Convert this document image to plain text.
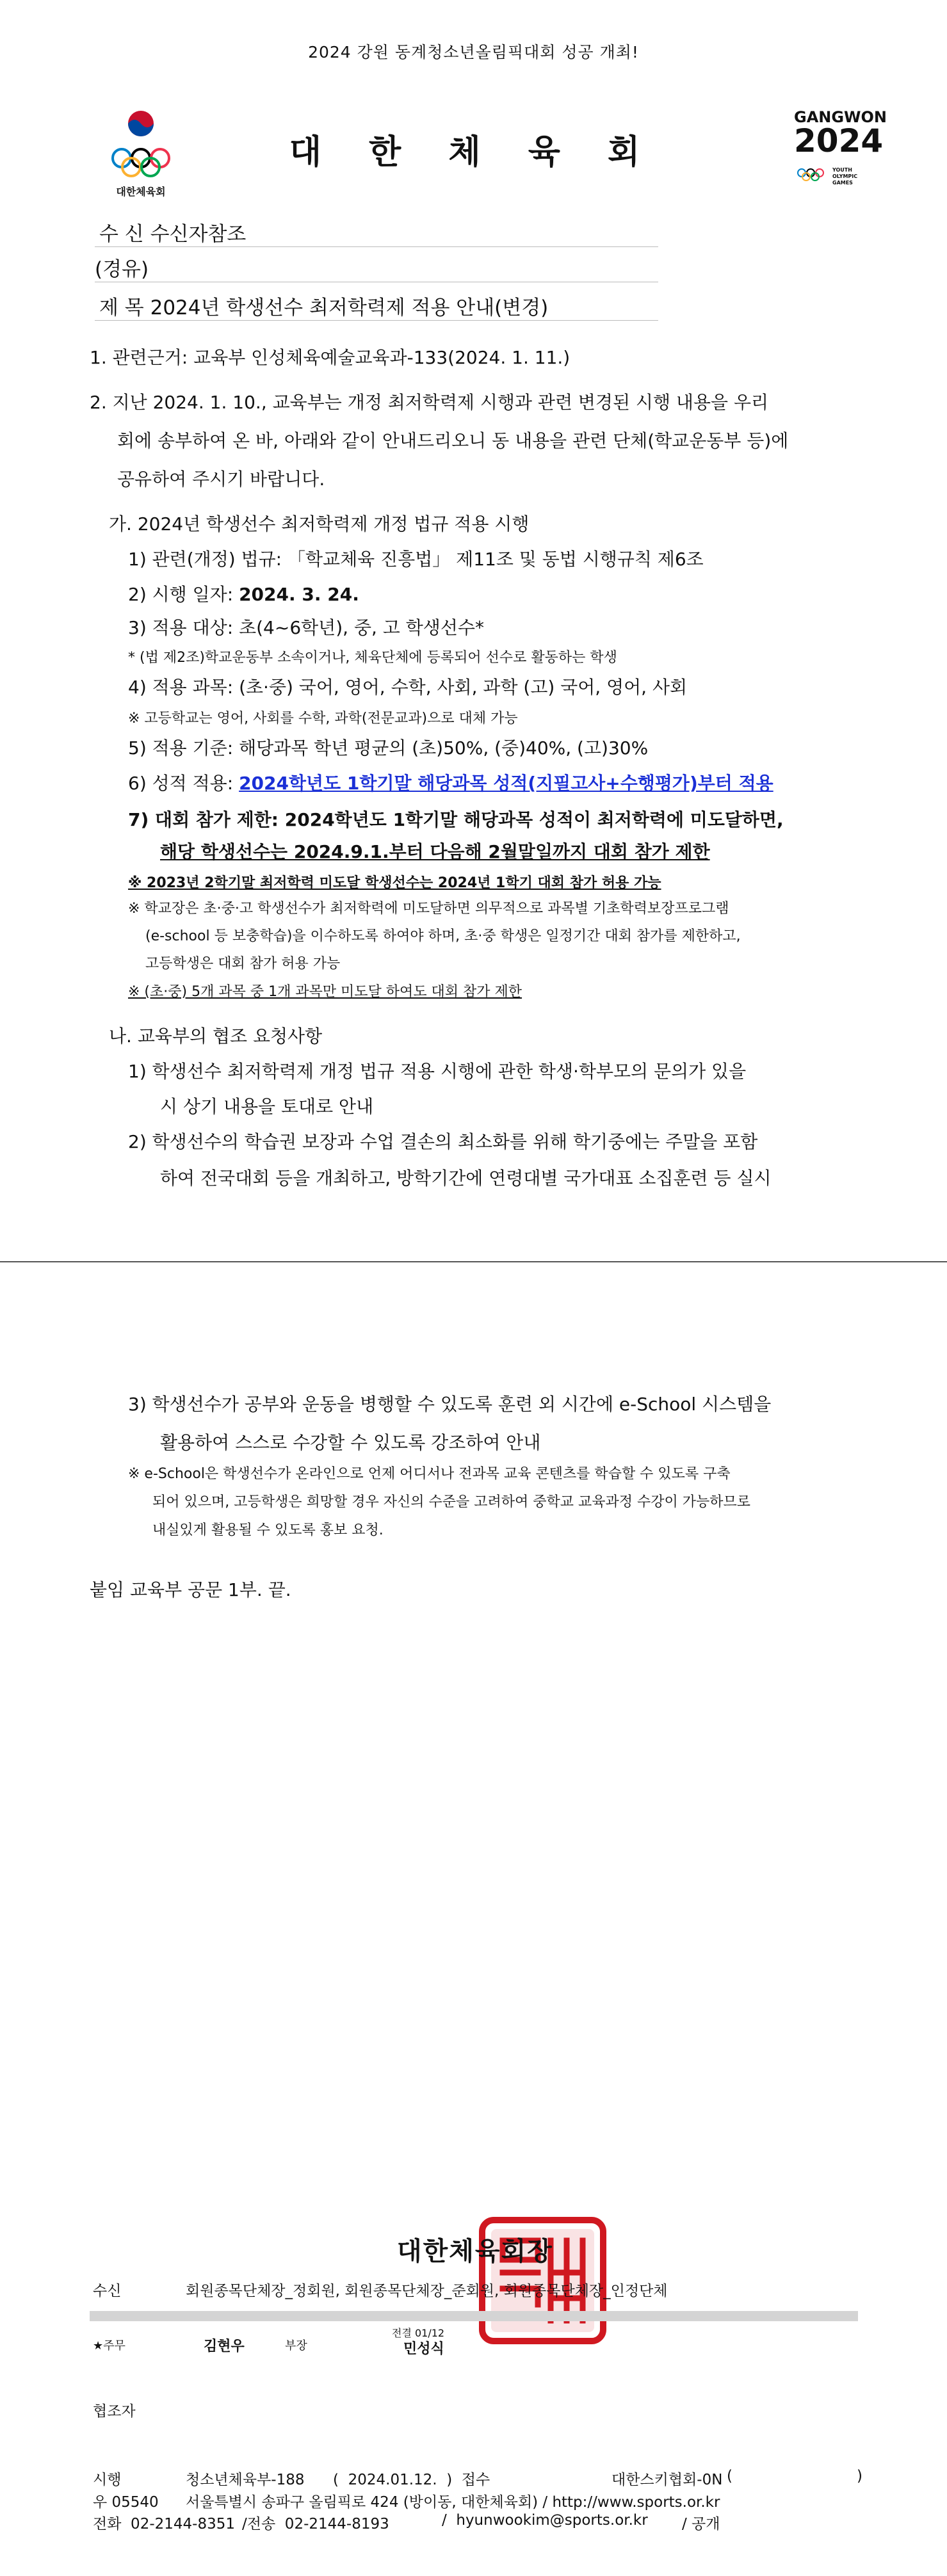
2024 강원 동계청소년올림픽대회 성공 개최!
대한체육회
대 한 체 육 회
GANGWON
2024
YOUTH
OLYMPIC
GAMES
수 신 수신자참조
(경유)
제 목 2024년 학생선수 최저학력제 적용 안내(변경)
1. 관련근거: 교육부 인성체육예술교육과-133(2024. 1. 11.)
2. 지난 2024. 1. 10., 교육부는 개정 최저학력제 시행과 관련 변경된 시행 내용을 우리
회에 송부하여 온 바, 아래와 같이 안내드리오니 동 내용을 관련 단체(학교운동부 등)에
공유하여 주시기 바랍니다.
가. 2024년 학생선수 최저학력제 개정 법규 적용 시행
1) 관련(개정) 법규: 「학교체육 진흥법」 제11조 및 동법 시행규칙 제6조
2) 시행 일자: 2024. 3. 24.
3) 적용 대상: 초(4~6학년), 중, 고 학생선수*
* (법 제2조)학교운동부 소속이거나, 체육단체에 등록되어 선수로 활동하는 학생
4) 적용 과목: (초·중) 국어, 영어, 수학, 사회, 과학 (고) 국어, 영어, 사회
※ 고등학교는 영어, 사회를 수학, 과학(전문교과)으로 대체 가능
5) 적용 기준: 해당과목 학년 평균의 (초)50%, (중)40%, (고)30%
6) 성적 적용: 2024학년도 1학기말 해당과목 성적(지필고사+수행평가)부터 적용
7) 대회 참가 제한: 2024학년도 1학기말 해당과목 성적이 최저학력에 미도달하면,
해당 학생선수는 2024.9.1.부터 다음해 2월말일까지 대회 참가 제한
※ 2023년 2학기말 최저학력 미도달 학생선수는 2024년 1학기 대회 참가 허용 가능
※ 학교장은 초·중·고 학생선수가 최저학력에 미도달하면 의무적으로 과목별 기초학력보장프로그램
(e-school 등 보충학습)을 이수하도록 하여야 하며, 초·중 학생은 일정기간 대회 참가를 제한하고,
고등학생은 대회 참가 허용 가능
※ (초·중) 5개 과목 중 1개 과목만 미도달 하여도 대회 참가 제한
나. 교육부의 협조 요청사항
1) 학생선수 최저학력제 개정 법규 적용 시행에 관한 학생·학부모의 문의가 있을
시 상기 내용을 토대로 안내
2) 학생선수의 학습권 보장과 수업 결손의 최소화를 위해 학기중에는 주말을 포함
하여 전국대회 등을 개최하고, 방학기간에 연령대별 국가대표 소집훈련 등 실시
3) 학생선수가 공부와 운동을 병행할 수 있도록 훈련 외 시간에 e-School 시스템을
활용하여 스스로 수강할 수 있도록 강조하여 안내
※ e-School은 학생선수가 온라인으로 언제 어디서나 전과목 교육 콘텐츠를 학습할 수 있도록 구축
되어 있으며, 고등학생은 희망할 경우 자신의 수준을 고려하여 중학교 교육과정 수강이 가능하므로
내실있게 활용될 수 있도록 홍보 요청.
붙임 교육부 공문 1부. 끝.
대한체육회장
수신	회원종목단체장_정회원, 회원종목단체장_준회원, 회원종목단체장_인정단체
★주무	김현우	부장
전결 01/12
민성식
협조자
시행	청소년체육부-188 (  2024.01.12.  )  접수	대한스키협회-0N (	)
우 05540 서울특별시 송파구 올림픽로 424 (방이동, 대한체육회) / http://www.sports.or.kr
전화  02-2144-8351 /전송  02-2144-8193	/  hyunwookim@sports.or.kr / 공개
